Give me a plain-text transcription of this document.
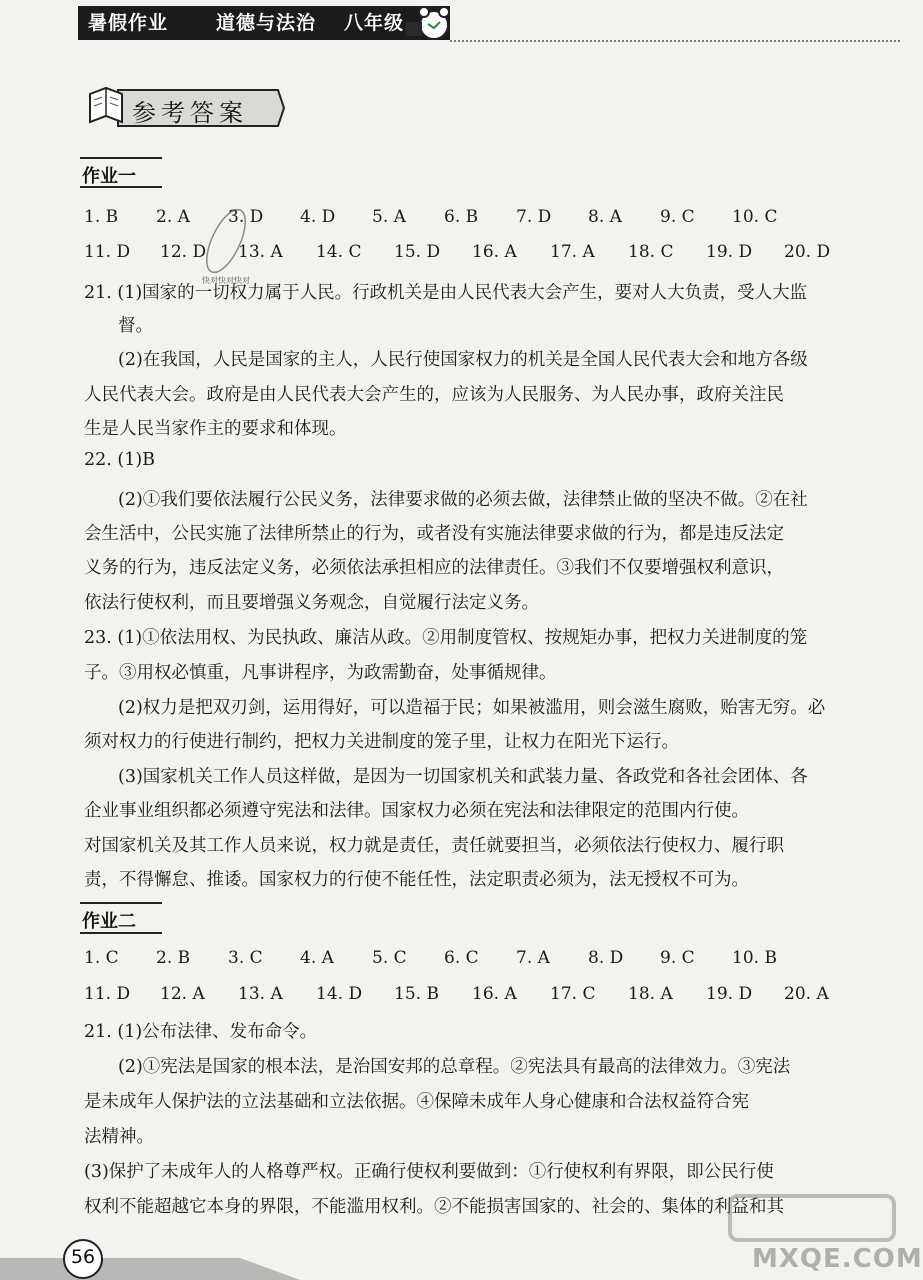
暑假作业	道德与法治 八年级
参考答案
快对快对快对
作业一
1. B 2. A 3. D 4. D 5. A 6. B 7. D 8. A 9. C 10. C
11. D 12. D 13. A 14. C 15. D 16. A 17. A 18. C 19. D 20. D
21. (1)国家的一切权力属于人民。行政机关是由人民代表大会产生，要对人大负责，受人大监
督。
(2)在我国，人民是国家的主人，人民行使国家权力的机关是全国人民代表大会和地方各级
人民代表大会。政府是由人民代表大会产生的，应该为人民服务、为人民办事，政府关注民
生是人民当家作主的要求和体现。
22. (1)B
(2)①我们要依法履行公民义务，法律要求做的必须去做，法律禁止做的坚决不做。②在社
会生活中，公民实施了法律所禁止的行为，或者没有实施法律要求做的行为，都是违反法定
义务的行为，违反法定义务，必须依法承担相应的法律责任。③我们不仅要增强权利意识，
依法行使权利，而且要增强义务观念，自觉履行法定义务。
23. (1)①依法用权、为民执政、廉洁从政。②用制度管权、按规矩办事，把权力关进制度的笼
子。③用权必慎重，凡事讲程序，为政需勤奋，处事循规律。
(2)权力是把双刃剑，运用得好，可以造福于民；如果被滥用，则会滋生腐败，贻害无穷。必
须对权力的行使进行制约，把权力关进制度的笼子里，让权力在阳光下运行。
(3)国家机关工作人员这样做，是因为一切国家机关和武装力量、各政党和各社会团体、各
企业事业组织都必须遵守宪法和法律。国家权力必须在宪法和法律限定的范围内行使。
对国家机关及其工作人员来说，权力就是责任，责任就要担当，必须依法行使权力、履行职
责，不得懈怠、推诿。国家权力的行使不能任性，法定职责必须为，法无授权不可为。
作业二
1. C 2. B 3. C 4. A 5. C 6. C 7. A 8. D 9. C 10. B
11. D 12. A 13. A 14. D 15. B 16. A 17. C 18. A 19. D 20. A
21. (1)公布法律、发布命令。
(2)①宪法是国家的根本法，是治国安邦的总章程。②宪法具有最高的法律效力。③宪法
是未成年人保护法的立法基础和立法依据。④保障未成年人身心健康和合法权益符合宪
法精神。
(3)保护了未成年人的人格尊严权。正确行使权利要做到：①行使权利有界限，即公民行使
权利不能超越它本身的界限，不能滥用权利。②不能损害国家的、社会的、集体的利益和其
56	MXQE.COM
